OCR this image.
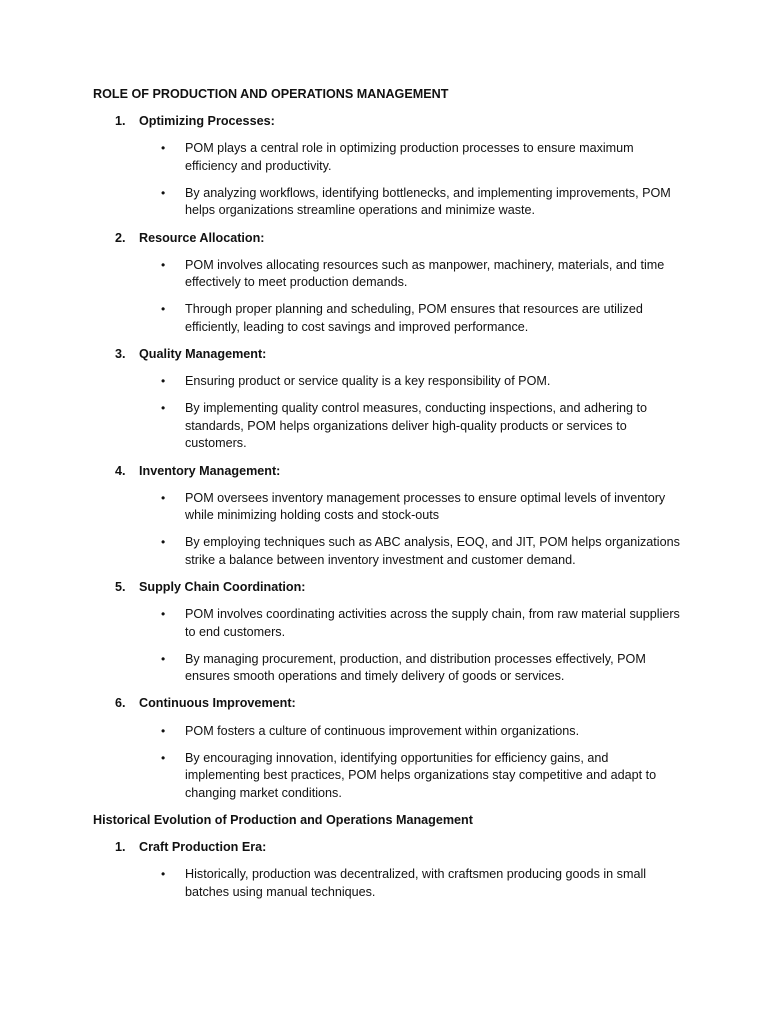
ROLE OF PRODUCTION AND OPERATIONS MANAGEMENT
1. Optimizing Processes:
• POM plays a central role in optimizing production processes to ensure maximum efficiency and productivity.
• By analyzing workflows, identifying bottlenecks, and implementing improvements, POM helps organizations streamline operations and minimize waste.
2. Resource Allocation:
• POM involves allocating resources such as manpower, machinery, materials, and time effectively to meet production demands.
• Through proper planning and scheduling, POM ensures that resources are utilized efficiently, leading to cost savings and improved performance.
3. Quality Management:
• Ensuring product or service quality is a key responsibility of POM.
• By implementing quality control measures, conducting inspections, and adhering to standards, POM helps organizations deliver high-quality products or services to customers.
4. Inventory Management:
• POM oversees inventory management processes to ensure optimal levels of inventory while minimizing holding costs and stock-outs
• By employing techniques such as ABC analysis, EOQ, and JIT, POM helps organizations strike a balance between inventory investment and customer demand.
5. Supply Chain Coordination:
• POM involves coordinating activities across the supply chain, from raw material suppliers to end customers.
• By managing procurement, production, and distribution processes effectively, POM ensures smooth operations and timely delivery of goods or services.
6. Continuous Improvement:
• POM fosters a culture of continuous improvement within organizations.
• By encouraging innovation, identifying opportunities for efficiency gains, and implementing best practices, POM helps organizations stay competitive and adapt to changing market conditions.
Historical Evolution of Production and Operations Management
1. Craft Production Era:
• Historically, production was decentralized, with craftsmen producing goods in small batches using manual techniques.
